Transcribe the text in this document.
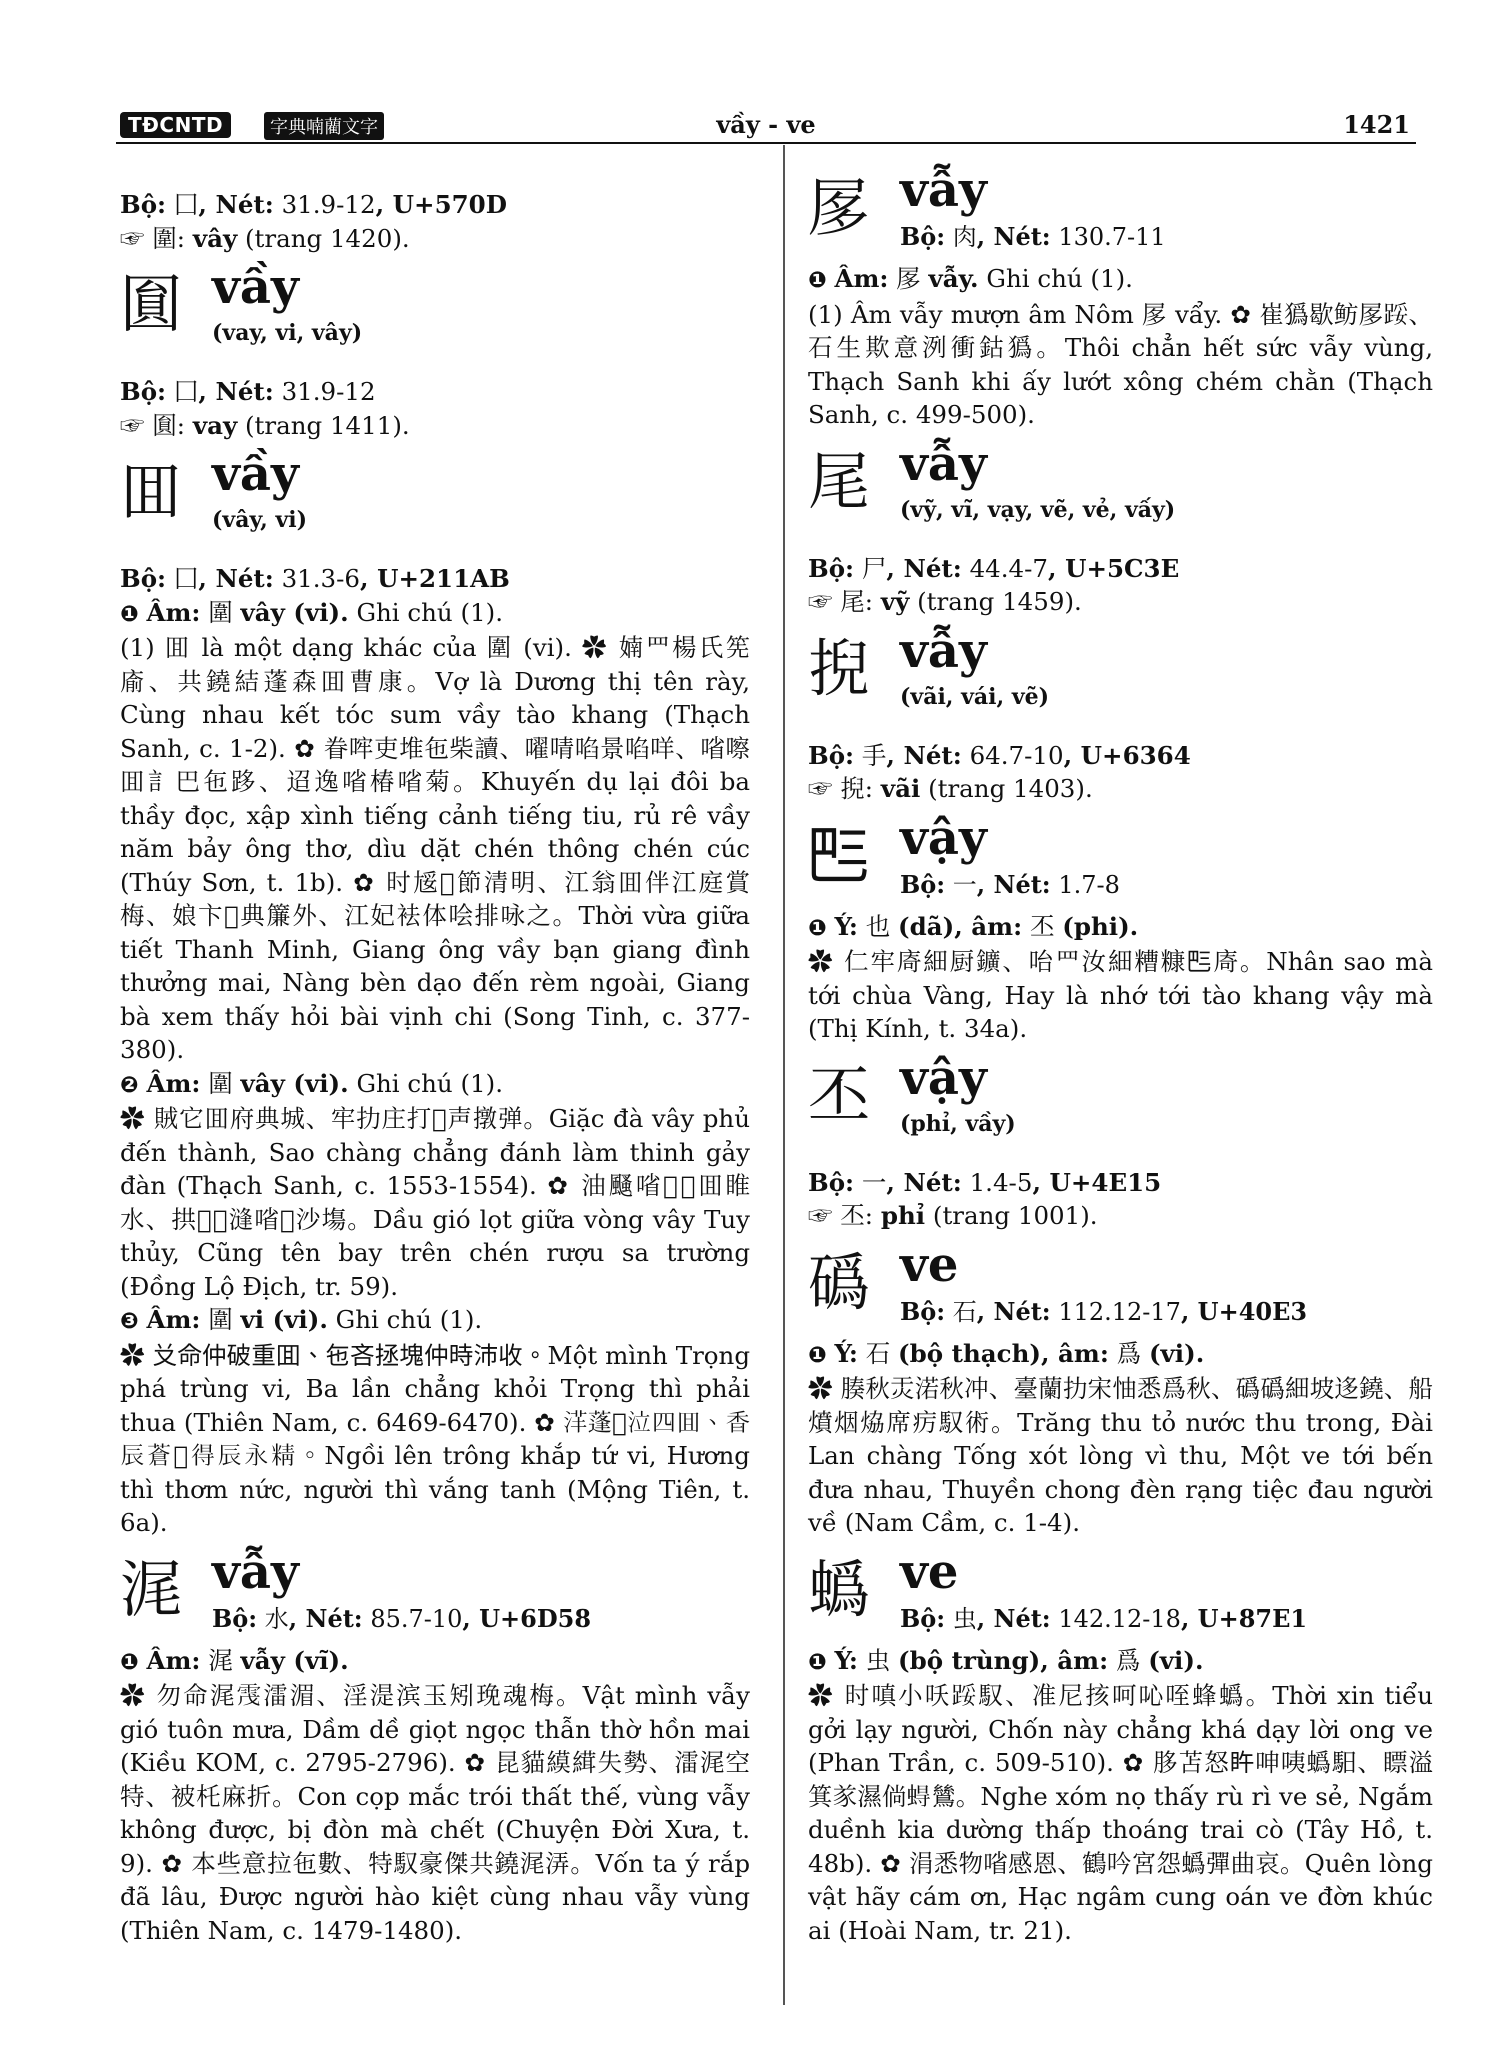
TĐCNTD	字典喃藺文字	vầy - ve	1421

Bộ: 囗, Nét: 31.9-12, U+570D

☞ 圍: vây (trang 1420).

圎 vầy
(vay, vi, vây)

Bộ: 囗, Nét: 31.9-12

☞ 圎: vay (trang 1411).

囬 vầy
(vây, vi)

Bộ: 囗, Nét: 31.3-6, U+211AB

❶ Âm: 圍 vây (vi). Ghi chú (1).

(1) 囬 là một dạng khác của 圍 (vi). ✿ 婻罒楊氏筅㢏、共鐃結蓬森囬曹康。Vợ là Dương thị tên rày, Cùng nhau kết tóc sum vầy tào khang (Thạch Sanh, c. 1-2). ✿ 眷哰吏堆㐌柴讀、嚁啨啗景啗咩、㗂嚓囬訁巴㐌跢、迢逸㗂椿㗂菊。Khuyến dụ lại đôi ba thầy đọc, xập xình tiếng cảnh tiếng tiu, rủ rê vầy năm bảy ông thơ, dìu dặt chén thông chén cúc (Thúy Sơn, t. 1b). ✿ 时㞂𣎃節清明、江翁囬伴江庭賞梅、娘卞𨀈典簾外、江妃袪体哙排咏之。Thời vừa giữa tiết Thanh Minh, Giang ông vầy bạn giang đình thưởng mai, Nàng bèn dạo đến rèm ngoài, Giang bà xem thấy hỏi bài vịnh chi (Song Tinh, c. 377-380).

❷ Âm: 圍 vây (vi). Ghi chú (1).

✿ 賊它囬府典城、牢扐庄打𠅍声撴弹。Giặc đà vây phủ đến thành, Sao chàng chẳng đánh làm thinh gảy đàn (Thạch Sanh, c. 1553-1554). ✿ 油颾㗂𣎃𦄅囬睢水、拱𦑃𨁡漨㗂𨡉沙塲。Dầu gió lọt giữa vòng vây Tuy thủy, Cũng tên bay trên chén rượu sa trường (Đồng Lộ Địch, tr. 59).

❸ Âm: 圍 vi (vi). Ghi chú (1).

✿ 𠬠命仲破重囬、㐌吝拯塊仲時沛收。Một mình Trọng phá trùng vi, Ba lần chẳng khỏi Trọng thì phải thua (Thiên Nam, c. 6469-6470). ✿ 𣴱蓬𥈯泣四囬、香辰蒼𦰟得辰永精。Ngồi lên trông khắp tứ vi, Hương thì thơm nức, người thì vắng tanh (Mộng Tiên, t. 6a).

浘 vẫy
Bộ: 水, Nét: 85.7-10, U+6D58

❶ Âm: 浘 vẫy (vĩ).

✿ 勿命浘𩂟㵢湄、淫湜滨玉矧㻊魂梅。Vật mình vẫy gió tuôn mưa, Dầm dề giọt ngọc thẫn thờ hồn mai (Kiều KOM, c. 2795-2796). ✿ 昆貓縸縙失勢、㵢浘空特、被杔麻折。Con cọp mắc trói thất thế, vùng vẫy không được, bị đòn mà chết (Chuyện Đời Xưa, t. 9). ✿ 本些意拉㐌數、特馭豪傑共鐃浘㳥。Vốn ta ý rắp đã lâu, Được người hào kiệt cùng nhau vẫy vùng (Thiên Nam, c. 1479-1480).

㞔 vẫy
Bộ: 肉, Nét: 130.7-11

❶ Âm: 㞔 vẫy. Ghi chú (1).

(1) Âm vẫy mượn âm Nôm 㞔 vẩy. ✿ 崔㺔歇鲂㞔𨁡、石生欺意洌衝鈷㺔。Thôi chẳn hết sức vẫy vùng, Thạch Sanh khi ấy lướt xông chém chằn (Thạch Sanh, c. 499-500).

尾 vẫy
(vỹ, vĩ, vạy, vẽ, vẻ, vấy)

Bộ: 尸, Nét: 44.4-7, U+5C3E

☞ 尾: vỹ (trang 1459).

掜 vẫy
(vãi, vái, vẽ)

Bộ: 手, Nét: 64.7-10, U+6364

☞ 掜: vãi (trang 1403).

𠀧 vậy
Bộ: 一, Nét: 1.7-8

❶ Ý: 也 (dã), âm: 丕 (phi).

✿ 仁牢㢊細厨鑛、咍罒汝細糟糠𠀧㢊。Nhân sao mà tới chùa Vàng, Hay là nhớ tới tào khang vậy mà (Thị Kính, t. 34a).

丕 vậy
(phỉ, vầy)

Bộ: 一, Nét: 1.4-5, U+4E15

☞ 丕: phỉ (trang 1001).

䃣 ve
Bộ: 石, Nét: 112.12-17, U+40E3

❶ Ý: 石 (bộ thạch), âm: 爲 (vi).

✿ 腠秋㶣渃秋冲、臺蘭扐宋怞悉爲秋、䃣䃣細坡迻鐃、船燌烟㶸席疠馭術。Trăng thu tỏ nước thu trong, Đài Lan chàng Tống xót lòng vì thu, Một ve tới bến đưa nhau, Thuyền chong đèn rạng tiệc đau người về (Nam Cầm, c. 1-4).

蟡 ve
Bộ: 虫, Nét: 142.12-18, U+87E1

❶ Ý: 虫 (bộ trùng), âm: 爲 (vi).

✿ 时嗔小㕭𨁡馭、准尼㧡呵吣咥蜂蟡。Thời xin tiểu gởi lạy người, Chốn này chẳng khá dạy lời ong ve (Phan Trần, c. 509-510). ✿ 䏧苫怒𥄭呻咦蟡馹、瞟溢箕㒸濕倘𧍋鷥。Nghe xóm nọ thấy rù rì ve sẻ, Ngắm duềnh kia dường thấp thoáng trai cò (Tây Hồ, t. 48b). ✿ 涓悉物㗂感恩、鶴吟宮怨蟡彈曲哀。Quên lòng vật hãy cám ơn, Hạc ngâm cung oán ve đờn khúc ai (Hoài Nam, tr. 21).
